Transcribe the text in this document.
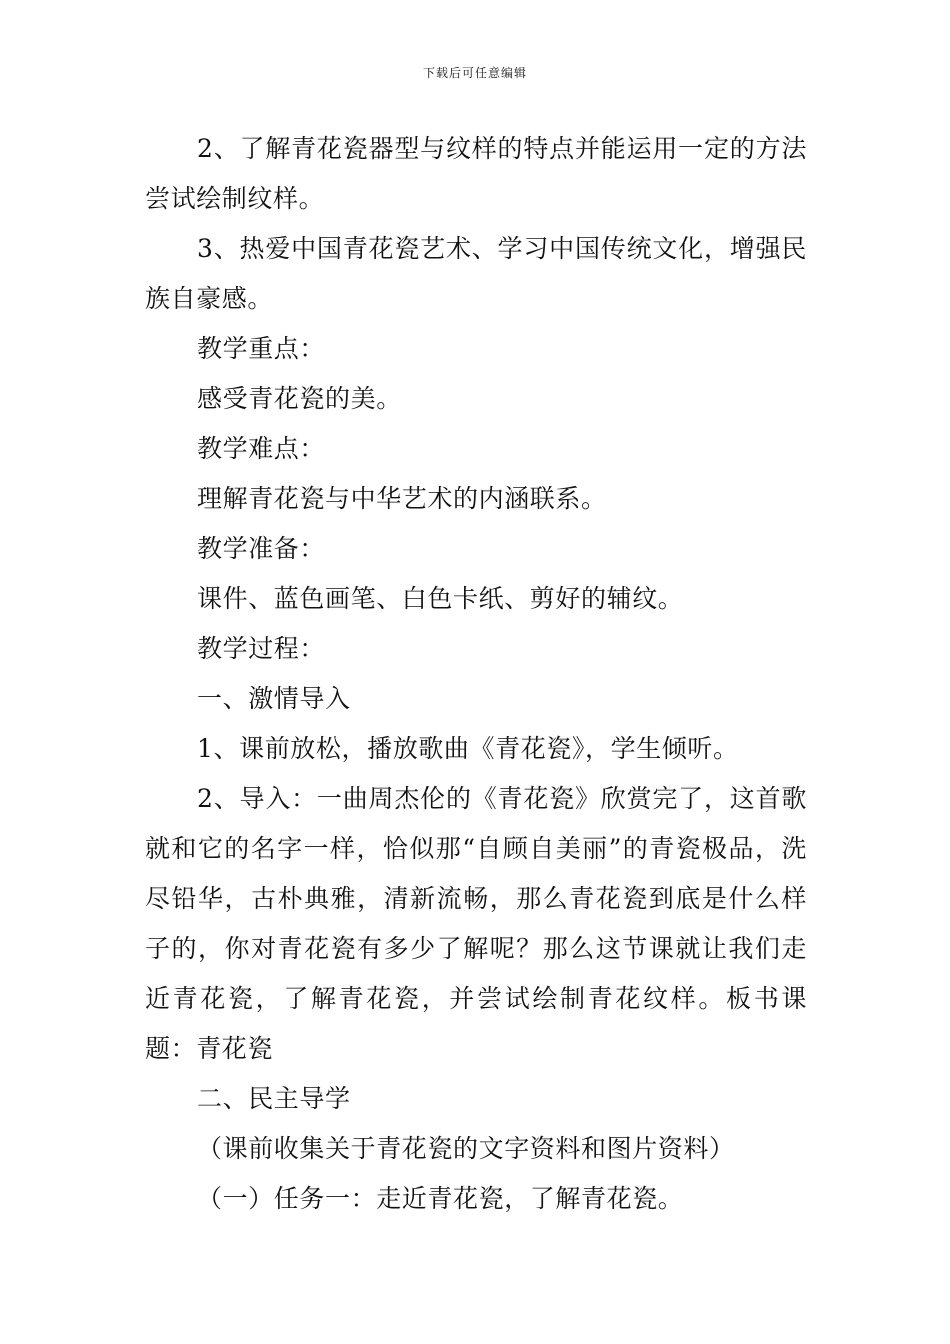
下载后可任意编辑

2、了解青花瓷器型与纹样的特点并能运用一定的方法尝试绘制纹样。

3、热爱中国青花瓷艺术、学习中国传统文化，增强民族自豪感。

教学重点：

感受青花瓷的美。

教学难点：

理解青花瓷与中华艺术的内涵联系。

教学准备：

课件、蓝色画笔、白色卡纸、剪好的辅纹。

教学过程：

一、激情导入

1、课前放松，播放歌曲《青花瓷》，学生倾听。

2、导入：一曲周杰伦的《青花瓷》欣赏完了，这首歌就和它的名字一样，恰似那“自顾自美丽”的青瓷极品，洗尽铅华，古朴典雅，清新流畅，那么青花瓷到底是什么样子的，你对青花瓷有多少了解呢？那么这节课就让我们走近青花瓷，了解青花瓷，并尝试绘制青花纹样。板书课题：青花瓷

二、民主导学

（课前收集关于青花瓷的文字资料和图片资料）

（一）任务一：走近青花瓷，了解青花瓷。
